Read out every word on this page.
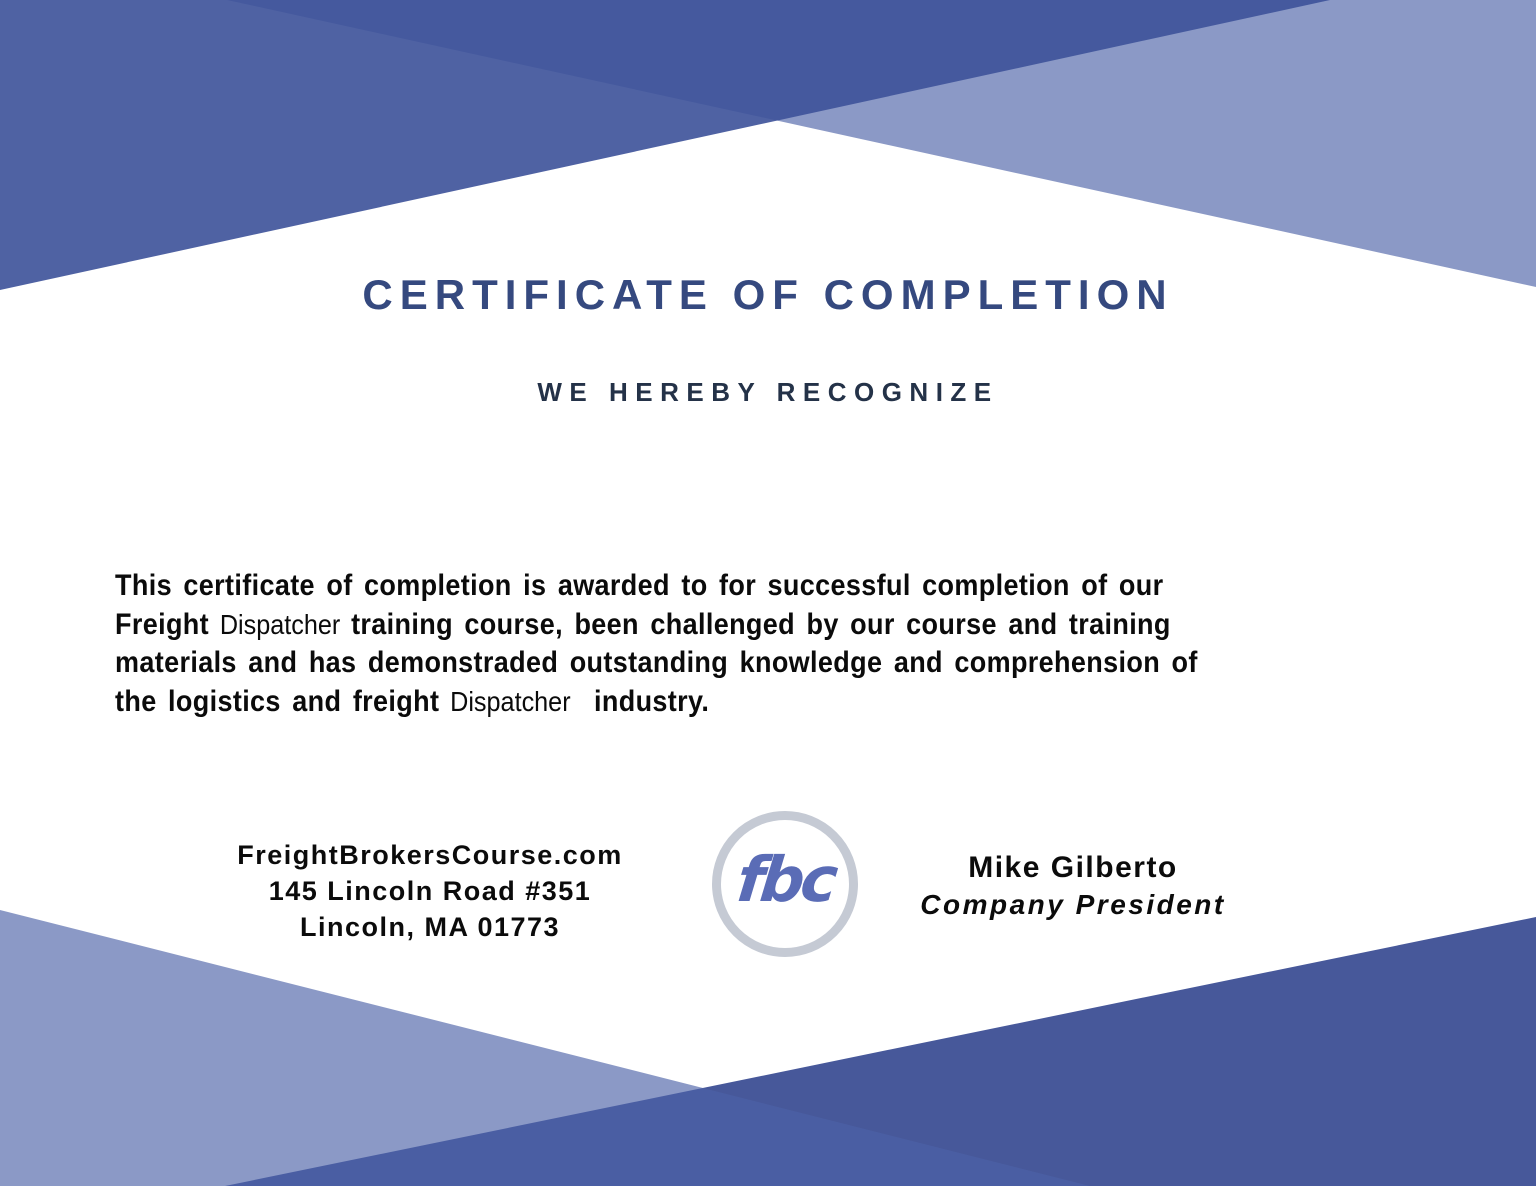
CERTIFICATE OF COMPLETION
WE HEREBY RECOGNIZE
This certificate of completion is awarded to for successful completion of our
Freight Dispatcher training course, been challenged by our course and training
materials and has demonstraded outstanding knowledge and comprehension of
the logistics and freight Dispatcher industry.
FreightBrokersCourse.com
145 Lincoln Road #351
Lincoln, MA 01773
fbc	Mike Gilberto
Company President
